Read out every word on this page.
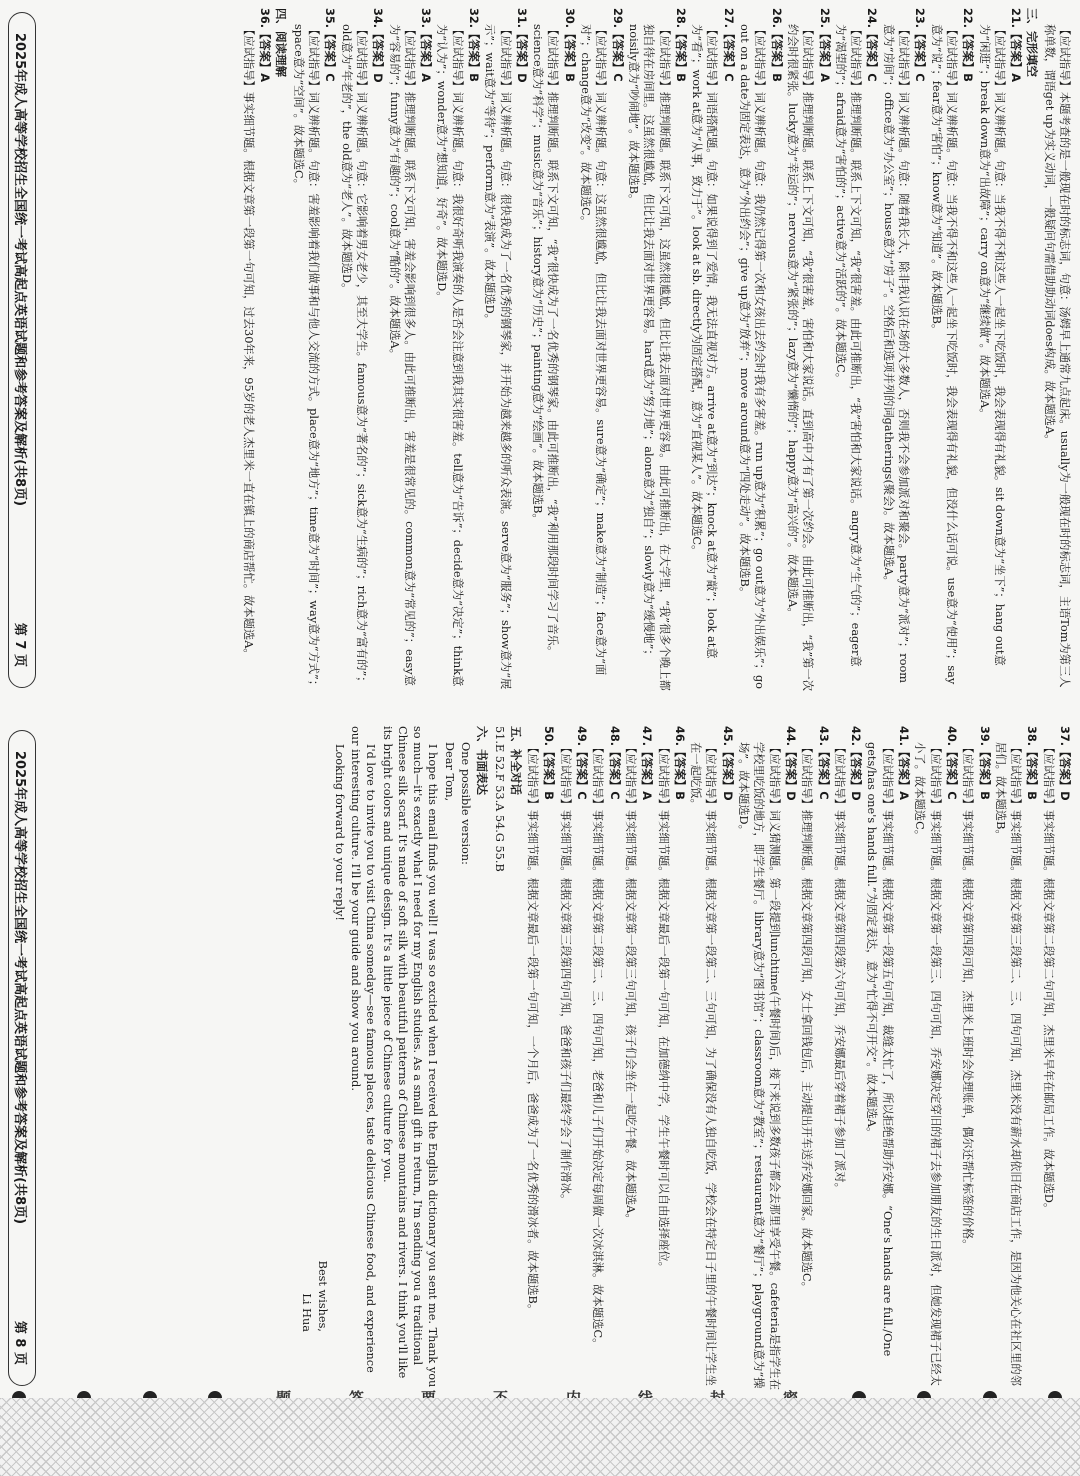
【应试指导】本题考查的是一般现在时的标志词，句意：汤姆早上通常九点起床。usually为一般现在时的标志词，主语Tom为第三人称单数，谓语get up为实义动词，一般疑问句需借助助动词does构成。故本题选A。
三、完形填空
21.【答案】A
【应试指导】词义辨析题。句意：当我不得不和这些人一起坐下吃饭时，我会表现得有礼貌。sit down意为“坐下”；hang out意为“闲逛”；break down意为“出故障”；carry on意为“继续做”。故本题选A。
22.【答案】B
【应试指导】词义辨析题。句意：当我不得不和这些人一起坐下吃饭时，我会表现得有礼貌，但没什么话可说。use意为“使用”；say意为“说”；fear意为“害怕”；know意为“知道”。故本题选B。
23.【答案】C
【应试指导】词义辨析题。句意：随着我长大，除非我认识在场的大多数人，否则我不会参加派对和聚会。party意为“派对”；room意为“房间”；office意为“办公室”；house意为“房子”。空格后和选项并列的词gatherings(聚会)。故本题选A。
24.【答案】C
【应试指导】推理判断题。联系上下文可知，“我”很害羞。由此可推断出，“我”害怕和大家说话。angry意为“生气的”；eager意为“渴望的”；afraid意为“害怕的”；active意为“活跃的”。故本题选C。
25.【答案】A
【应试指导】推理判断题。联系上下文可知，“我”很害羞，害怕和大家说话。直到高中才有了第一次约会。由此可推断出，“我”第一次约会时很紧张。lucky意为“幸运的”；nervous意为“紧张的”；lazy意为“懒惰的”；happy意为“高兴的”。故本题选A。
26.【答案】B
【应试指导】词义辨析题。句意：我仍然记得第一次和女孩出去约会时我有多害羞。run up意为“积累”；go out意为“外出娱乐”；go out on a date为固定表达，意为“外出约会”；give up意为“放弃”；move around意为“四处走动”。故本题选B。
27.【答案】C
【应试指导】词语搭配题。句意：如果说得到了爱情，我无法直视对方。arrive at意为“到达”；knock at意为“敲”；look at意为“看”；work at意为“从事，致力于”。look at sb. directly为固定搭配，意为“直视某人”。故本题选C。
28.【答案】B
【应试指导】推理判断题。联系下文可知，这虽然很尴尬，但比让我去面对世界更容易。由此可推断出，在大学里，“我”很多个晚上都独自待在房间里。这虽然很尴尬，但比让我去面对世界更容易。hard意为“努力地”；alone意为“独自”；slowly意为“缓慢地”；noisily意为“吵闹地”。故本题选B。
29.【答案】C
【应试指导】词义辨析题。句意：这虽然很尴尬，但比让我去面对世界更容易。sure意为“确定”；make意为“制造”；face意为“面对”；change意为“改变”。故本题选C。
30.【答案】B
【应试指导】推理判断题。联系下文可知，“我”很快成为了一名优秀的钢琴家。由此可推断出，“我”利用那段时间学习了音乐。science意为“科学”；music意为“音乐”；history意为“历史”；painting意为“绘画”。故本题选B。
31.【答案】D
【应试指导】词义辨析题。句意：很快我成为了一名优秀的钢琴家，并开始为越来越多的听众表演。serve意为“服务”；show意为“展示”；wait意为“等待”；perform意为“表演”。故本题选D。
32.【答案】B
【应试指导】词义辨析题。句意：我很好奇听我演奏的人是否会注意到我其实很害羞。tell意为“告诉”；decide意为“决定”；think意为“认为”；wonder意为“想知道，好奇”。故本题选D。
33.【答案】A
【应试指导】推理判断题。联系下文可知，害羞会影响到很多人。由此可推断出，害羞是很常见的。common意为“常见的”；easy意为“容易的”；funny意为“有趣的”；cool意为“酷的”。故本题选A。
34.【答案】D
【应试指导】词义辨析题。句意：它影响着男女老少，其至大学生。famous意为“著名的”；sick意为“生病的”；rich意为“富有的”；old意为“年老的”，the old意为“老人”。故本题选D。
35.【答案】C
【应试指导】词义辨析题。句意：害羞影响着我们做事和与他人交流的方式。place意为“地方”；time意为“时间”；way意为“方式”；space意为“空间”。故本题选C。
四、阅读理解
36.【答案】A
【应试指导】事实细节题。根据文章第一段第一句可知，过去30年来，95岁的老人杰里米一直在镇上的商店帮忙。故本题选A。
2025年成人高等学校招生全国统一考试高起点英语试题和参考答案及解析(共8页)
第 7 页
37.【答案】D
【应试指导】事实细节题。根据文章第二段第二句可知，杰里米早年在邮局工作。故本题选D。
38.【答案】B
【应试指导】事实细节题。根据文章第三段第二、三、四句可知，杰里米没有薪水却依旧在商店工作，是因为他关心在社区里的邻居们。故本题选B。
39.【答案】B
【应试指导】事实细节题。根据文章第四段可知，杰里米上班时会处理账单，偶尔还帮忙标签的价格。
40.【答案】C
【应试指导】事实细节题。根据文章第一段第三、四句可知，乔安娜决定穿旧的裙子去参加朋友的生日派对，但她发现裙子已经太小了。故本题选C。
41.【答案】A
【应试指导】事实细节题。根据文章第一段第五句可知，裁缝太忙了，所以拒绝帮助乔安娜。“One's hands are full./One gets/has one's hands full.”为固定表达，意为“忙得不可开交”。故本题选A。
42.【答案】D
【应试指导】事实细节题。根据文章第四段第六句可知，乔安娜最后穿着裙子参加了派对。
43.【答案】C
【应试指导】推理判断题。根据文章第四段可知，女士拿回钱包后，主动提出开车送乔安娜回家。故本题选C。
44.【答案】D
【应试指导】词义猜测题。第一段提到lunchtime(午餐时间)后，接下来说到多数孩子都会去那里享受午餐。cafeteria是指学生在学校里吃饭的地方，即学生餐厅。library意为“图书馆”；classroom意为“教室”；restaurant意为“餐厅”；playground意为“操场”。故本题选D。
45.【答案】D
【应试指导】事实细节题。根据文章第一段第二、三句可知，为了确保没有人独自吃饭，学校会在特定日子里的午餐时间让学生坐在一起吃饭。
46.【答案】B
【应试指导】事实细节题。根据文章最后一段第一句可知，在加德纳中学，学生午餐时可以自由选择座位。
47.【答案】A
【应试指导】事实细节题。根据文章第一段第三句可知，孩子们会坐在一起吃午餐。故本题选A。
48.【答案】C
【应试指导】事实细节题。根据文章第二段第二、三、四句可知，老爸和儿子们开始决定每周做一次冰淇淋。故本题选C。
49.【答案】C
【应试指导】事实细节题。根据文章第三段第四句可知，爸爸和孩子们最终学会了制作滑冰。
50.【答案】B
【应试指导】事实细节题。根据文章最后一段第一句可知，一个月后，爸爸成为了一名优秀的滑冰者。故本题选B。
五、补全对话
51.E 52.F 53.A 54.G 55.B
六、书面表达
One possible version:
Dear Tom,
I hope this email finds you well! I was so excited when I received the English dictionary you sent me. Thank you so much—it's exactly what I need for my English studies. As a small gift in return, I'm sending you a traditional Chinese silk scarf. It's made of soft silk with beautiful patterns of Chinese mountains and rivers. I think you'll like its bright colors and unique design. It's a little piece of Chinese culture for you.
I'd love to invite you to visit China someday—see famous places, taste delicious Chinese food, and experience our interesting culture. I'll be your guide and show you around.
Looking forward to your reply!
Best wishes,
Li Hua
2025年成人高等学校招生全国统一考试高起点英语试题和参考答案及解析(共8页)
第 8 页
